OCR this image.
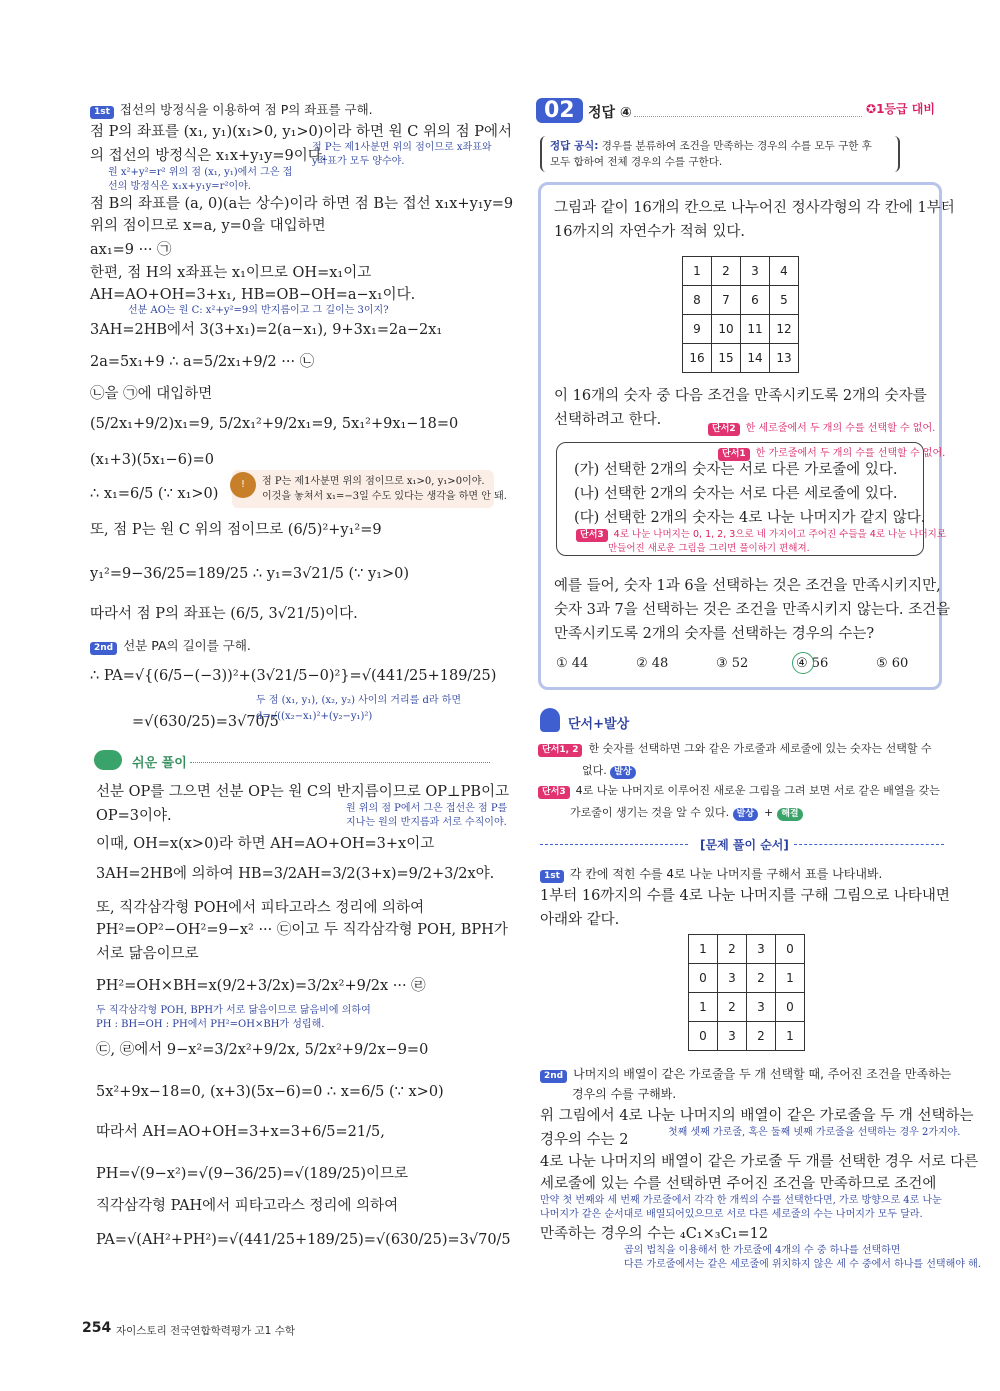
1st 접선의 방정식을 이용하여 점 P의 좌표를 구해.
점 P의 좌표를 (x₁, y₁)(x₁>0, y₁>0)이라 하면 원 C 위의 점 P에서
의 접선의 방정식은 x₁x+y₁y=9이다.
점 P는 제1사분면 위의 점이므로 x좌표와
y좌표가 모두 양수야.
원 x²+y²=r² 위의 점 (x₁, y₁)에서 그은 접
선의 방정식은 x₁x+y₁y=r²이야.
점 B의 좌표를 (a, 0)(a는 상수)이라 하면 점 B는 접선 x₁x+y₁y=9
위의 점이므로 x=a, y=0을 대입하면
ax₁=9 ··· ㉠
한편, 점 H의 x좌표는 x₁이므로 OH=x₁이고
AH=AO+OH=3+x₁, HB=OB−OH=a−x₁이다.
선분 AO는 원 C: x²+y²=9의 반지름이고 그 길이는 3이지?
3AH=2HB에서 3(3+x₁)=2(a−x₁), 9+3x₁=2a−2x₁
2a=5x₁+9 ∴ a=5/2x₁+9/2 ··· ㉡
㉡을 ㉠에 대입하면
(5/2x₁+9/2)x₁=9, 5/2x₁²+9/2x₁=9, 5x₁²+9x₁−18=0
(x₁+3)(5x₁−6)=0
∴ x₁=6/5 (∵ x₁>0)
!	점 P는 제1사분면 위의 점이므로 x₁>0, y₁>0이야.
이것을 놓쳐서 x₁=−3일 수도 있다는 생각을 하면 안 돼.
또, 점 P는 원 C 위의 점이므로 (6/5)²+y₁²=9
y₁²=9−36/25=189/25 ∴ y₁=3√21/5 (∵ y₁>0)
따라서 점 P의 좌표는 (6/5, 3√21/5)이다.
2nd 선분 PA의 길이를 구해.
∴ PA=√{(6/5−(−3))²+(3√21/5−0)²}=√(441/25+189/25)
=√(630/25)=3√70/5
두 점 (x₁, y₁), (x₂, y₂) 사이의 거리를 d라 하면
d=√((x₂−x₁)²+(y₂−y₁)²)
쉬운 풀이
선분 OP를 그으면 선분 OP는 원 C의 반지름이므로 OP⊥PB이고
OP=3이야.	원 위의 점 P에서 그은 접선은 점 P를
지나는 원의 반지름과 서로 수직이야.
이때, OH=x(x>0)라 하면 AH=AO+OH=3+x이고
3AH=2HB에 의하여 HB=3/2AH=3/2(3+x)=9/2+3/2x야.
또, 직각삼각형 POH에서 피타고라스 정리에 의하여
PH²=OP²−OH²=9−x² ··· ㉢이고 두 직각삼각형 POH, BPH가
서로 닮음이므로
PH²=OH×BH=x(9/2+3/2x)=3/2x²+9/2x ··· ㉣
두 직각삼각형 POH, BPH가 서로 닮음이므로 닮음비에 의하여
PH : BH=OH : PH에서 PH²=OH×BH가 성립해.
㉢, ㉣에서 9−x²=3/2x²+9/2x, 5/2x²+9/2x−9=0
5x²+9x−18=0, (x+3)(5x−6)=0 ∴ x=6/5 (∵ x>0)
따라서 AH=AO+OH=3+x=3+6/5=21/5,
PH=√(9−x²)=√(9−36/25)=√(189/25)이므로
직각삼각형 PAH에서 피타고라스 정리에 의하여
PA=√(AH²+PH²)=√(441/25+189/25)=√(630/25)=3√70/5
254 자이스토리 전국연합학력평가 고1 수학
02 정답 ④	✪1등급 대비
정답 공식: 경우를 분류하여 조건을 만족하는 경우의 수를 모두 구한 후
모두 합하여 전체 경우의 수를 구한다.
그림과 같이 16개의 칸으로 나누어진 정사각형의 각 칸에 1부터
16까지의 자연수가 적혀 있다.
1	2	3	4
8	7	6	5
9	10	11	12
16	15	14	13
이 16개의 숫자 중 다음 조건을 만족시키도록 2개의 숫자를
선택하려고 한다.
단서2 한 세로줄에서 두 개의 수를 선택할 수 없어.
단서1 한 가로줄에서 두 개의 수를 선택할 수 없어.
(가) 선택한 2개의 숫자는 서로 다른 가로줄에 있다.
(나) 선택한 2개의 숫자는 서로 다른 세로줄에 있다.
(다) 선택한 2개의 숫자는 4로 나눈 나머지가 같지 않다.
단서3 4로 나눈 나머지는 0, 1, 2, 3으로 네 가지이고 주어진 수들을 4로 나눈 나머지로
만들어진 새로운 그림을 그리면 풀이하기 편해져.
예를 들어, 숫자 1과 6을 선택하는 것은 조건을 만족시키지만,
숫자 3과 7을 선택하는 것은 조건을 만족시키지 않는다. 조건을
만족시키도록 2개의 숫자를 선택하는 경우의 수는?
① 44	② 48	③ 52	④ 56	⑤ 60
단서+발상
단서1, 2 한 숫자를 선택하면 그와 같은 가로줄과 세로줄에 있는 숫자는 선택할 수
없다. 발상
단서3 4로 나눈 나머지로 이루어진 새로운 그림을 그려 보면 서로 같은 배열을 갖는
가로줄이 생기는 것을 알 수 있다. 발상 + 해결
[문제 풀이 순서]
1st 각 칸에 적힌 수를 4로 나눈 나머지를 구해서 표를 나타내봐.
1부터 16까지의 수를 4로 나눈 나머지를 구해 그림으로 나타내면
아래와 같다.
1	2	3	0
0	3	2	1
1	2	3	0
0	3	2	1
2nd 나머지의 배열이 같은 가로줄을 두 개 선택할 때, 주어진 조건을 만족하는
경우의 수를 구해봐.
위 그림에서 4로 나눈 나머지의 배열이 같은 가로줄을 두 개 선택하는
경우의 수는 2	첫째 셋째 가로줄, 혹은 둘째 넷째 가로줄을 선택하는 경우 2가지야.
4로 나눈 나머지의 배열이 같은 가로줄 두 개를 선택한 경우 서로 다른
세로줄에 있는 수를 선택하면 주어진 조건을 만족하므로 조건에
만약 첫 번째와 세 번째 가로줄에서 각각 한 개씩의 수를 선택한다면, 가로 방향으로 4로 나눈
나머지가 같은 순서대로 배열되어있으므로 서로 다른 세로줄의 수는 나머지가 모두 달라.
만족하는 경우의 수는 ₄C₁×₃C₁=12
곱의 법칙을 이용해서 한 가로줄에 4개의 수 중 하나를 선택하면
다른 가로줄에서는 같은 세로줄에 위치하지 않은 세 수 중에서 하나를 선택해야 해.
